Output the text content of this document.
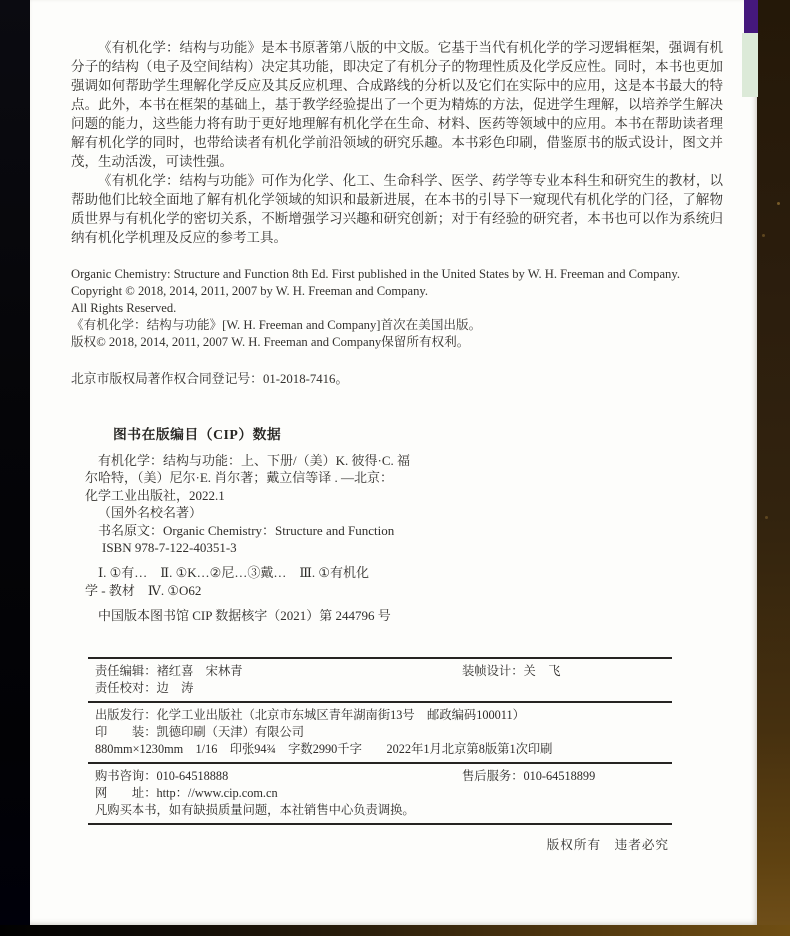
《有机化学：结构与功能》是本书原著第八版的中文版。它基于当代有机化学的学习逻辑框架，强调有机分子的结构（电子及空间结构）决定其功能，即决定了有机分子的物理性质及化学反应性。同时，本书也更加强调如何帮助学生理解化学反应及其反应机理、合成路线的分析以及它们在实际中的应用，这是本书最大的特点。此外，本书在框架的基础上，基于教学经验提出了一个更为精炼的方法，促进学生理解，以培养学生解决问题的能力，这些能力将有助于更好地理解有机化学在生命、材料、医药等领域中的应用。本书在帮助读者理解有机化学的同时，也带给读者有机化学前沿领域的研究乐趣。本书彩色印刷，借鉴原书的版式设计，图文并茂，生动活泼，可读性强。

《有机化学：结构与功能》可作为化学、化工、生命科学、医学、药学等专业本科生和研究生的教材，以帮助他们比较全面地了解有机化学领域的知识和最新进展，在本书的引导下一窥现代有机化学的门径，了解物质世界与有机化学的密切关系，不断增强学习兴趣和研究创新；对于有经验的研究者，本书也可以作为系统归纳有机化学机理及反应的参考工具。

Organic Chemistry: Structure and Function 8th Ed. First published in the United States by W. H. Freeman and Company.
Copyright © 2018, 2014, 2011, 2007 by W. H. Freeman and Company.
All Rights Reserved.
《有机化学：结构与功能》[W. H. Freeman and Company]首次在美国出版。
版权© 2018, 2014, 2011, 2007 W. H. Freeman and Company保留所有权利。
北京市版权局著作权合同登记号：01-2018-7416。
图书在版编目（CIP）数据
有机化学：结构与功能：上、下册/（美）K. 彼得·C. 福
尔哈特，（美）尼尔·E. 肖尔著；戴立信等译 . —北京：
化学工业出版社，2022.1
（国外名校名著）
书名原文：Organic Chemistry：Structure and Function
ISBN 978-7-122-40351-3
Ⅰ. ①有…　Ⅱ. ①K…②尼…③戴…　Ⅲ. ①有机化
学 - 教材　Ⅳ. ①O62
中国版本图书馆 CIP 数据核字（2021）第 244796 号
责任编辑：褚红喜　宋林青
责任校对：边　涛
装帧设计：关　飞
出版发行：化学工业出版社（北京市东城区青年湖南街13号　邮政编码100011）
印　　装：凯德印刷（天津）有限公司
880mm×1230mm　1/16　印张94¾　字数2990千字　　2022年1月北京第8版第1次印刷
购书咨询：010-64518888
网　　址：http：//www.cip.com.cn
凡购买本书，如有缺损质量问题，本社销售中心负责调换。
售后服务：010-64518899
版权所有　违者必究
